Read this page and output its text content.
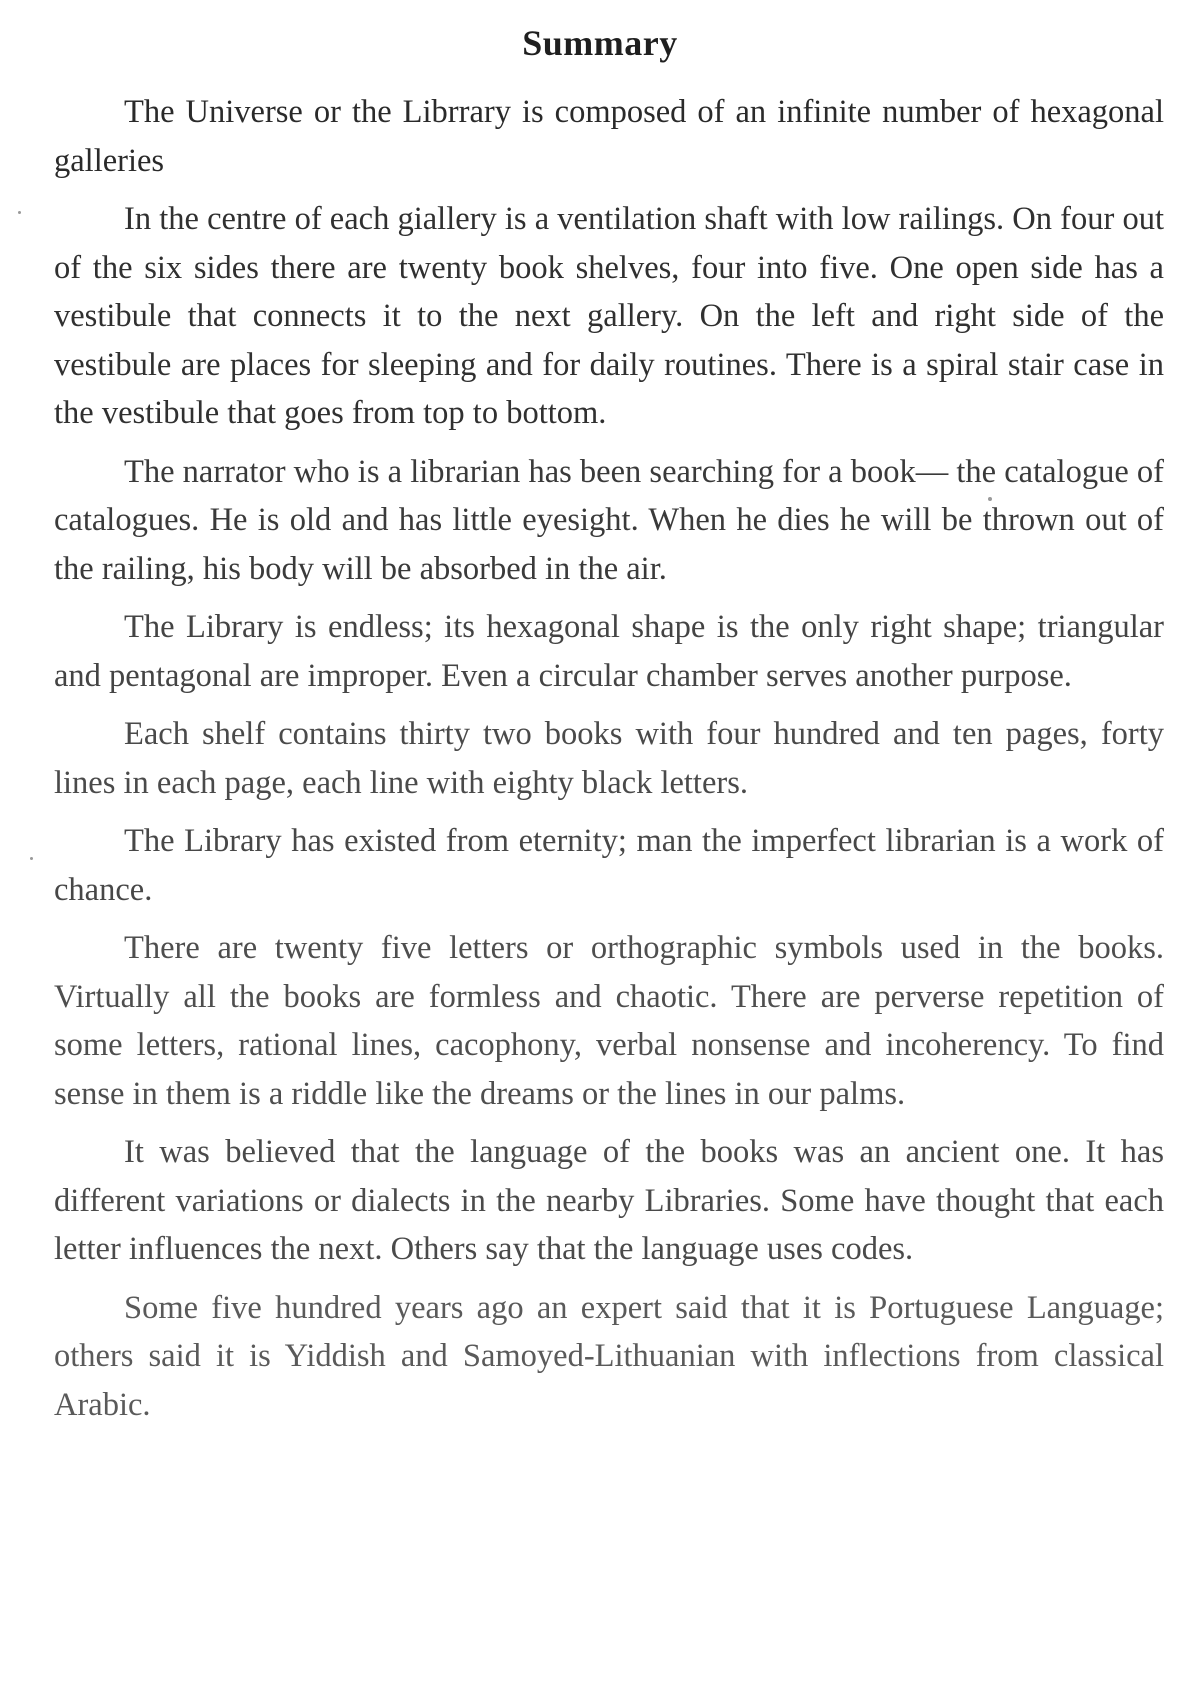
Summary

The Universe or the Librrary is composed of an infinite number of hexagonal galleries

In the centre of each giallery is a ventilation shaft with low railings. On four out of the six sides there are twenty book shelves, four into five. One open side has a vestibule that connects it to the next gallery. On the left and right side of the vestibule are places for sleeping and for daily routines. There is a spiral stair case in the vestibule that goes from top to bottom.

The narrator who is a librarian has been searching for a book— the catalogue of catalogues. He is old and has little eyesight. When he dies he will be thrown out of the railing, his body will be absorbed in the air.

The Library is endless; its hexagonal shape is the only right shape; triangular and pentagonal are improper. Even a circular chamber serves another purpose.

Each shelf contains thirty two books with four hundred and ten pages, forty lines in each page, each line with eighty black letters.

The Library has existed from eternity; man the imperfect librarian is a work of chance.

There are twenty five letters or orthographic symbols used in the books. Virtually all the books are formless and chaotic. There are perverse repetition of some letters, rational lines, cacophony, verbal nonsense and incoherency. To find sense in them is a riddle like the dreams or the lines in our palms.

It was believed that the language of the books was an ancient one. It has different variations or dialects in the nearby Libraries. Some have thought that each letter influences the next. Others say that the language uses codes.

Some five hundred years ago an expert said that it is Portuguese Language; others said it is Yiddish and Samoyed-Lithuanian with inflections from classical Arabic.
